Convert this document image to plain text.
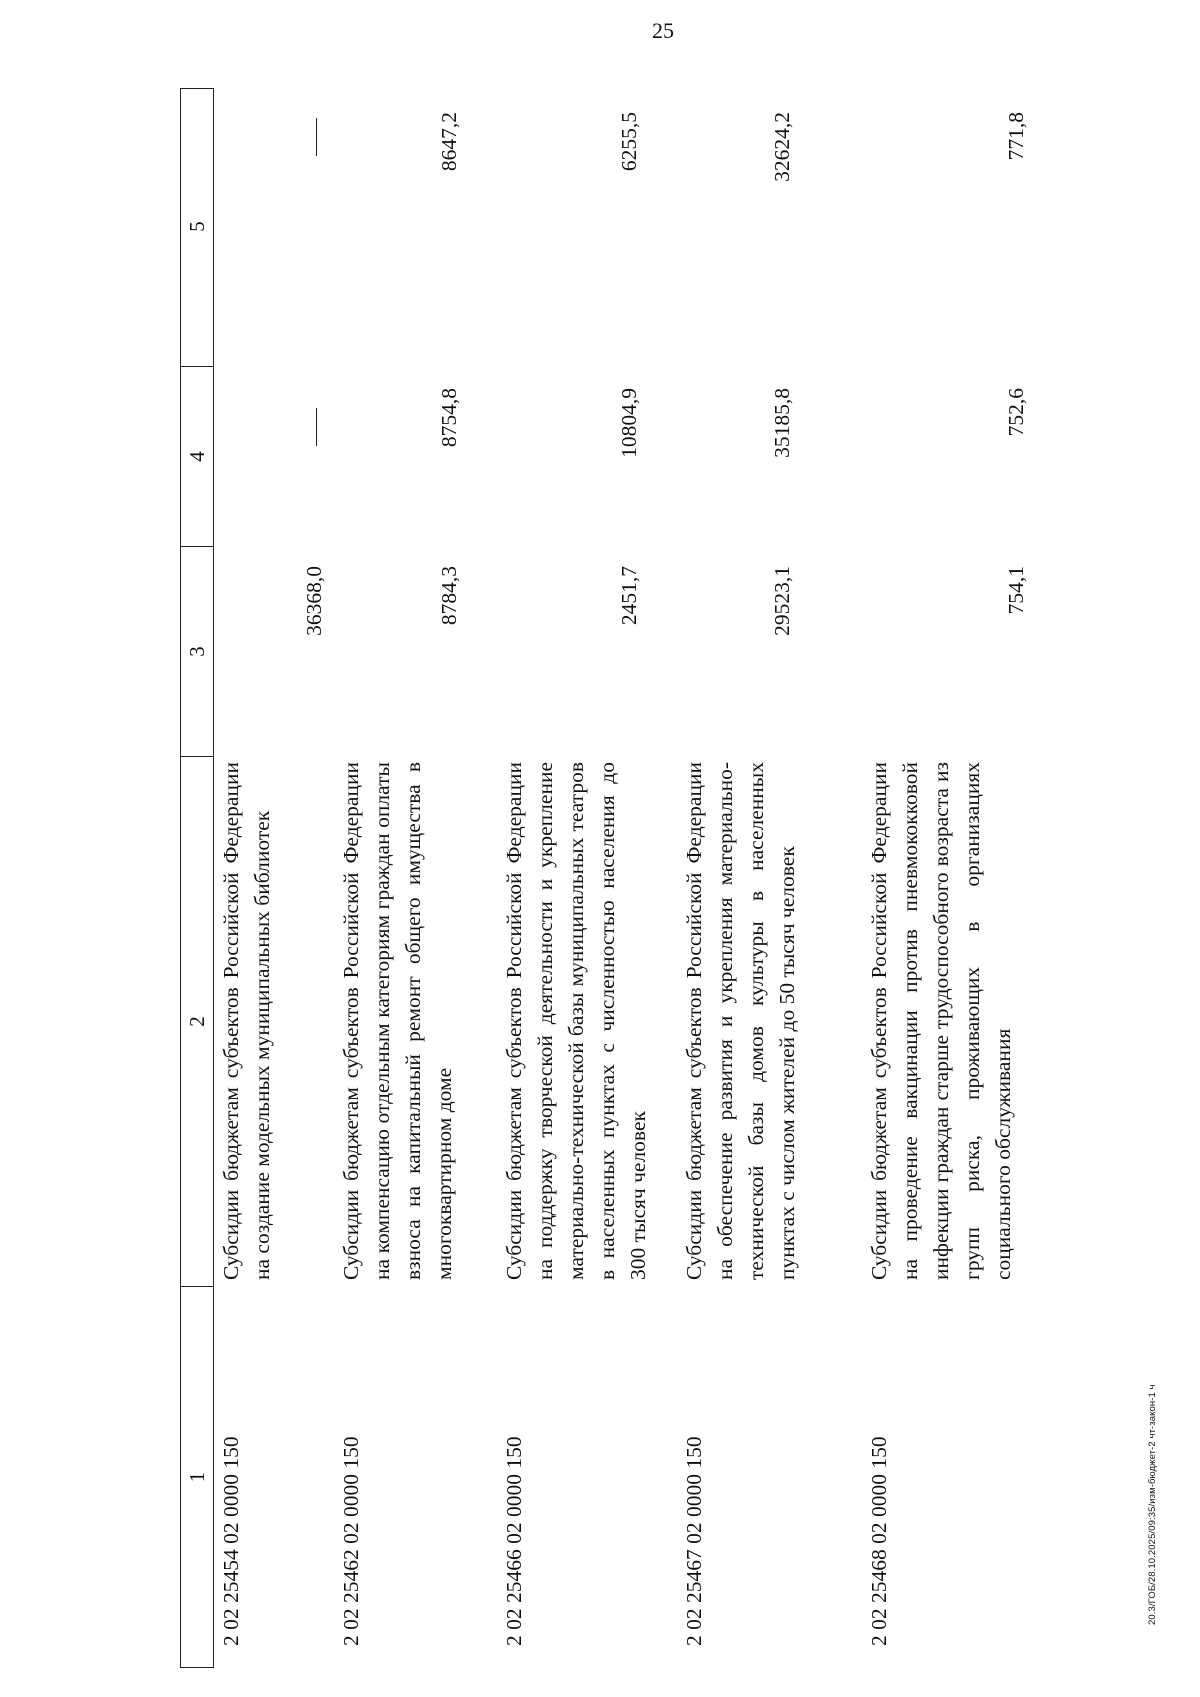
25
20.3/ГОБ/28.10.2025/09:35/изм-бюджет-2 чт-закон-1 ч
1
2
3
4
5
2 02 25454 02 0000 150
Субсидии бюджетам субъектов Российской Федерации на создание модельных муниципальных библиотек
36368,0
2 02 25462 02 0000 150
Субсидии бюджетам субъектов Российской Федерации на компенсацию отдельным категориям граждан оплаты взноса на капитальный ремонт общего имущества в многоквартирном доме
8784,3
8754,8
8647,2
2 02 25466 02 0000 150
Субсидии бюджетам субъектов Российской Федерации на поддержку творческой деятельности и укрепление материально-технической базы муниципальных театров в населенных пунктах с численностью населения до 300 тысяч человек
2451,7
10804,9
6255,5
2 02 25467 02 0000 150
Субсидии бюджетам субъектов Российской Федерации на обеспечение развития и укрепления материально-технической базы домов культуры в населенных пунктах с числом жителей до 50 тысяч человек
29523,1
35185,8
32624,2
2 02 25468 02 0000 150
Субсидии бюджетам субъектов Российской Федерации на проведение вакцинации против пневмококковой инфекции граждан старше трудоспособного возраста из групп риска, проживающих в организациях социального обслуживания
754,1
752,6
771,8
